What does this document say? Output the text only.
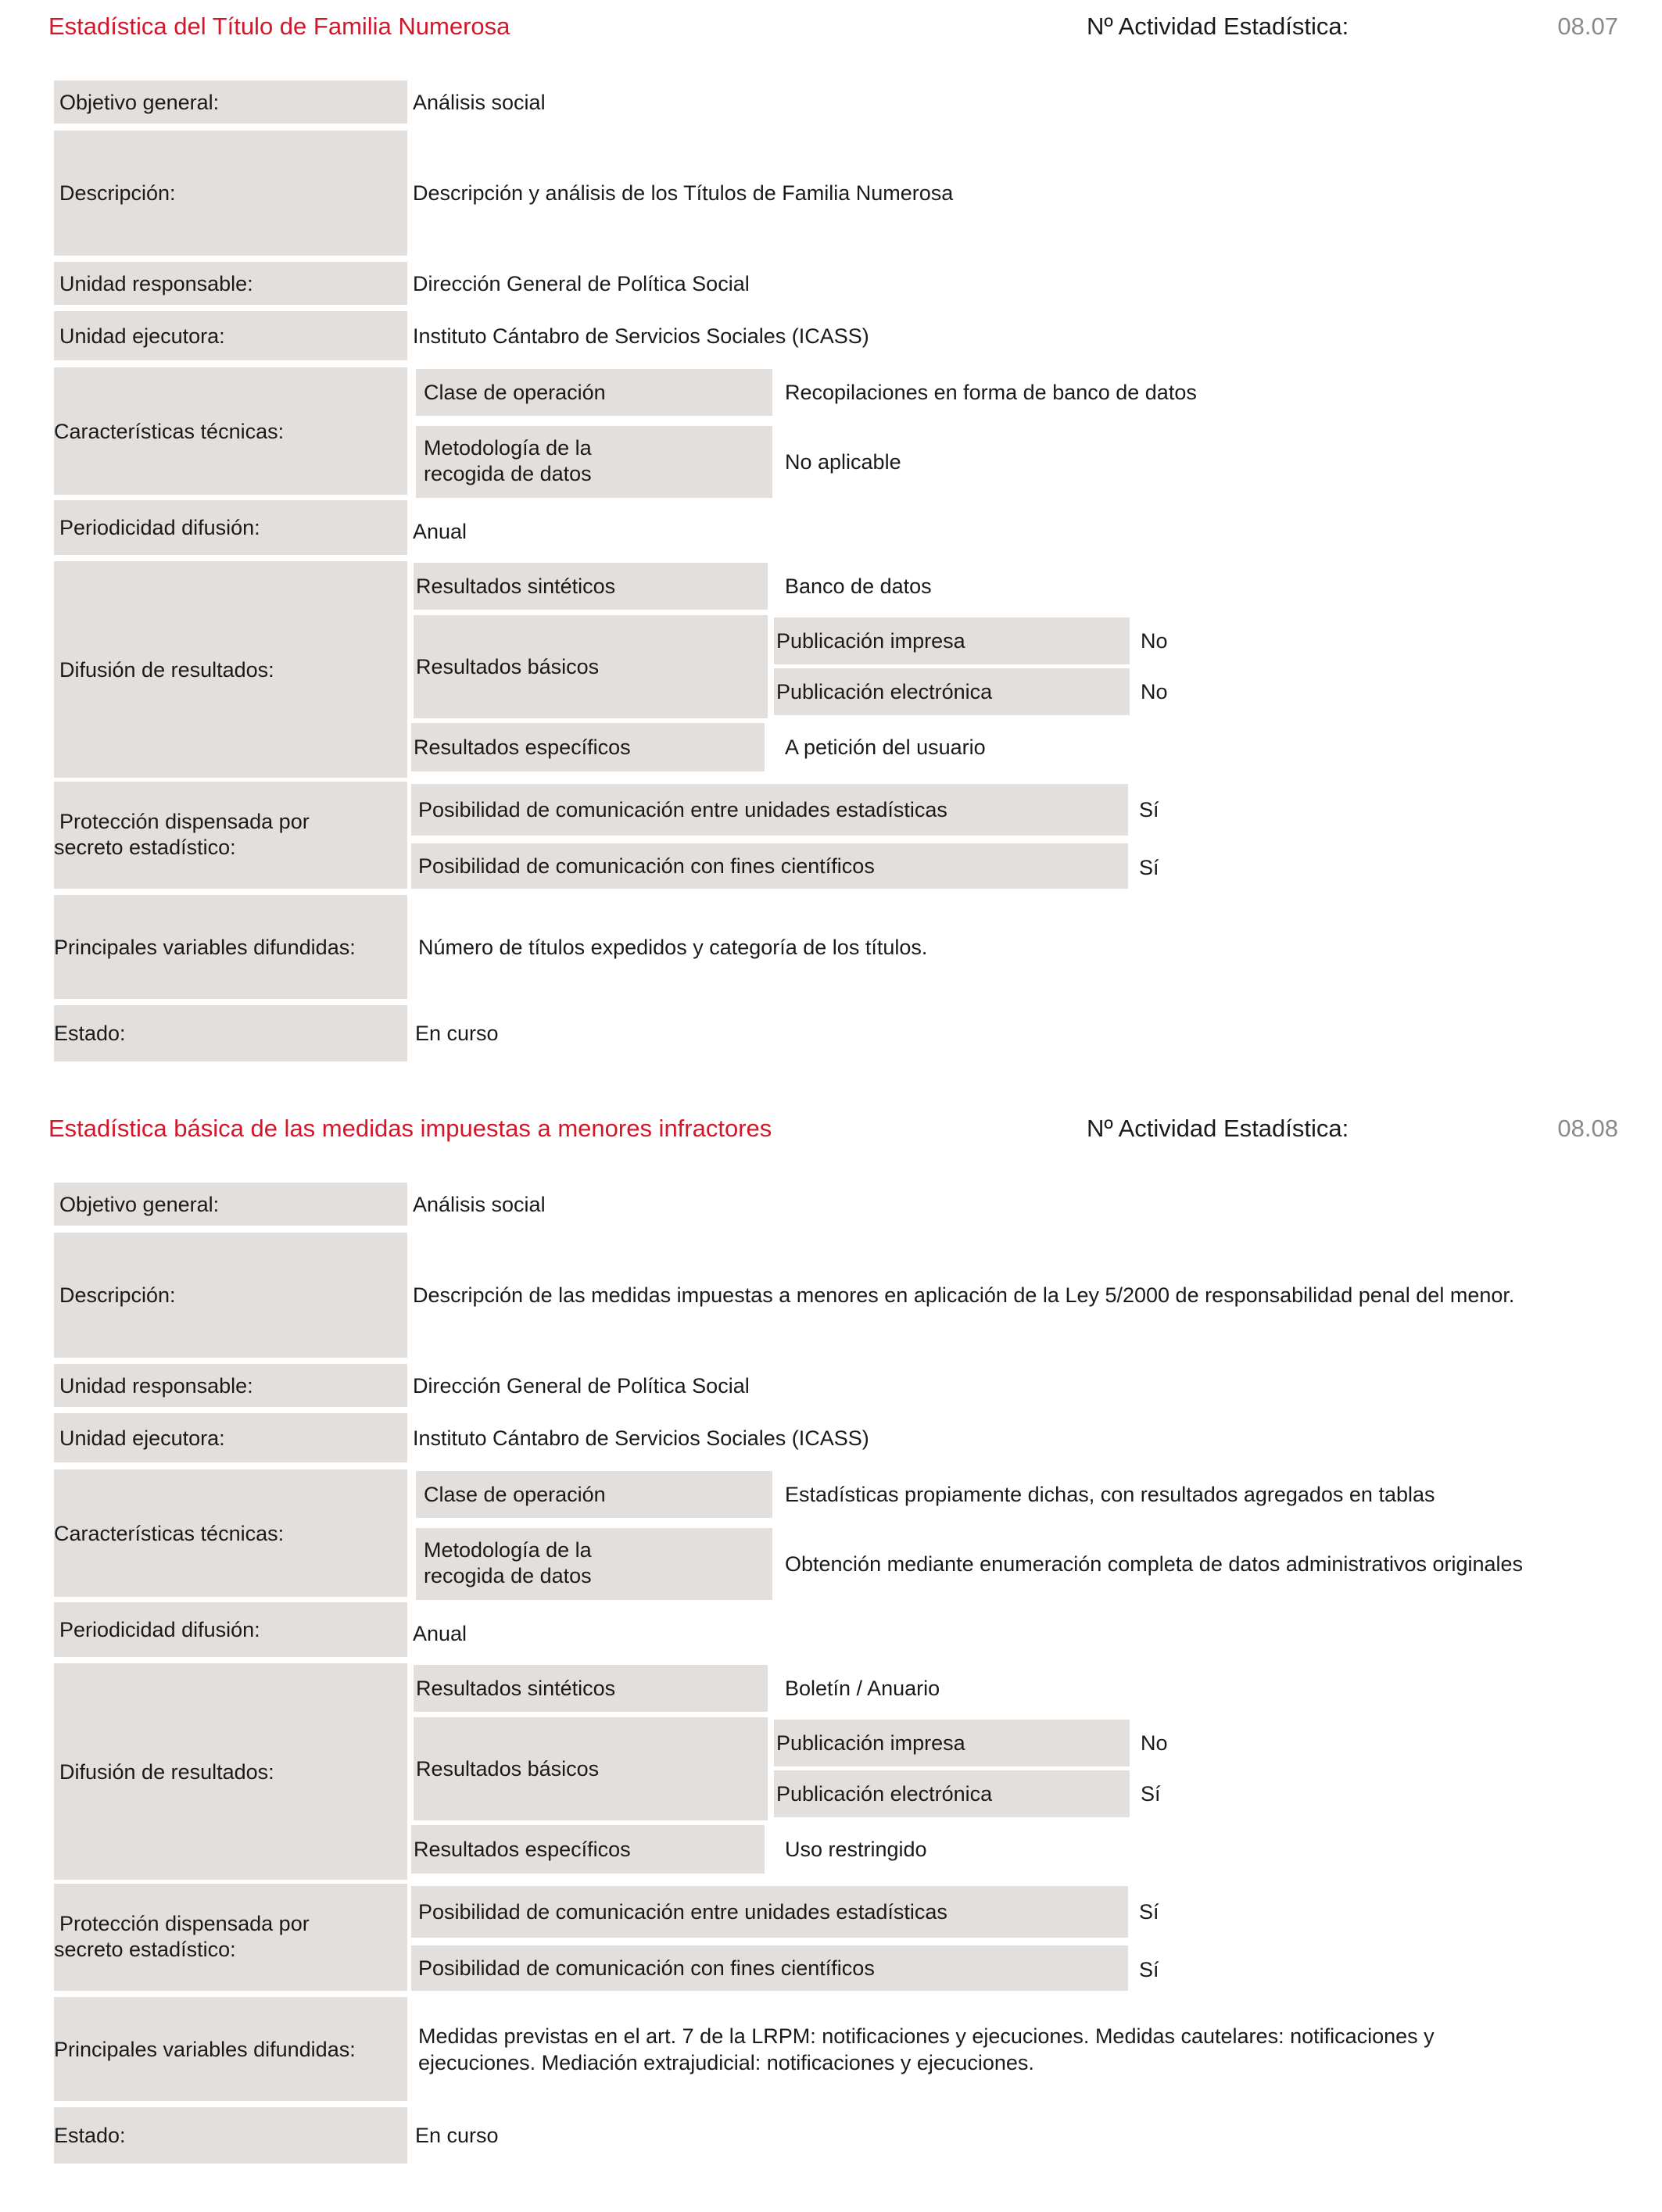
Estadística del Título de Familia Numerosa	Nº Actividad Estadística:	08.07
Objetivo general:	Análisis social
Descripción:	Descripción y análisis de los Títulos de Familia Numerosa
Unidad responsable:	Dirección General de Política Social
Unidad ejecutora:	Instituto Cántabro de Servicios Sociales (ICASS)
Características técnicas:
Clase de operación	Recopilaciones en forma de banco de datos
Metodología de la
recogida de datos	No aplicable
Periodicidad difusión:	Anual
Difusión de resultados:
Resultados sintéticos	Banco de datos
Resultados básicos
Publicación impresa	No
Publicación electrónica	No
Resultados específicos	A petición del usuario
Protección dispensada por
secreto estadístico:
Posibilidad de comunicación entre unidades estadísticas	Sí
Posibilidad de comunicación con fines científicos	Sí
Principales variables difundidas:	Número de títulos expedidos y categoría de los títulos.
Estado:	En curso
Estadística básica de las medidas impuestas a menores infractores	Nº Actividad Estadística:	08.08
Objetivo general:	Análisis social
Descripción:	Descripción de las medidas impuestas a menores en aplicación de la Ley 5/2000 de responsabilidad penal del menor.
Unidad responsable:	Dirección General de Política Social
Unidad ejecutora:	Instituto Cántabro de Servicios Sociales (ICASS)
Características técnicas:
Clase de operación	Estadísticas propiamente dichas, con resultados agregados en tablas
Metodología de la
recogida de datos	Obtención mediante enumeración completa de datos administrativos originales
Periodicidad difusión:	Anual
Difusión de resultados:
Resultados sintéticos	Boletín / Anuario
Resultados básicos
Publicación impresa	No
Publicación electrónica	Sí
Resultados específicos	Uso restringido
Protección dispensada por
secreto estadístico:
Posibilidad de comunicación entre unidades estadísticas	Sí
Posibilidad de comunicación con fines científicos	Sí
Principales variables difundidas:
Medidas previstas en el art. 7 de la LRPM: notificaciones y ejecuciones. Medidas cautelares: notificaciones y ejecuciones. Mediación extrajudicial: notificaciones y ejecuciones.
Estado:	En curso
